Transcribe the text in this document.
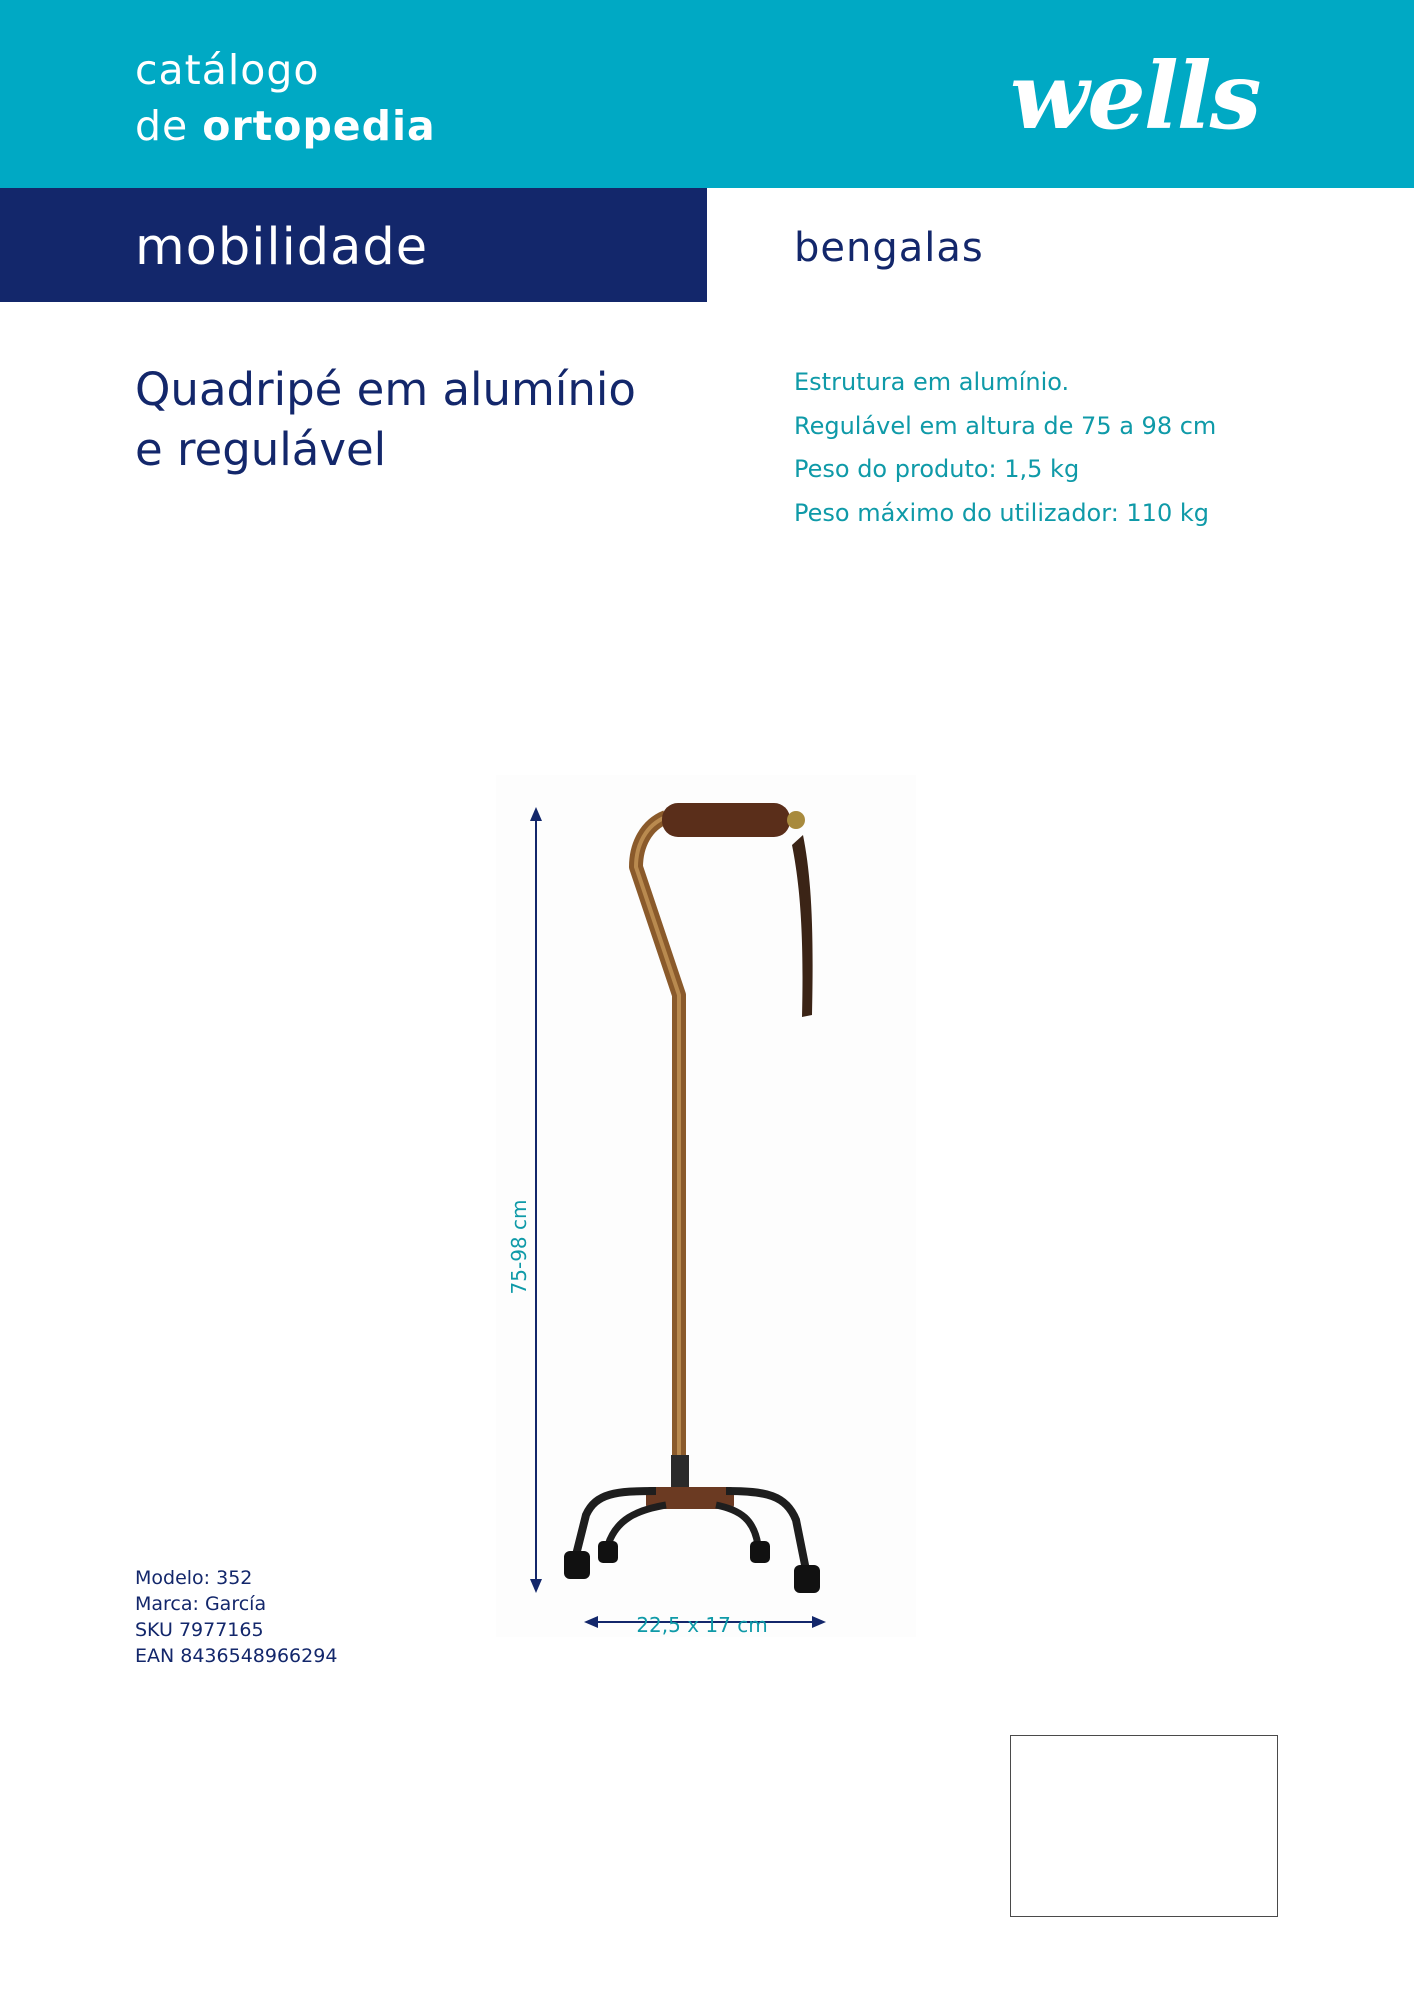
catálogo
de ortopedia	wells
mobilidade	bengalas
Quadripé em alumínio
e regulável
Estrutura em alumínio.
Regulável em altura de 75 a 98 cm
Peso do produto: 1,5 kg
Peso máximo do utilizador: 110 kg
75-98 cm
22,5 x 17 cm
Modelo: 352
Marca: García
SKU 7977165
EAN 8436548966294
